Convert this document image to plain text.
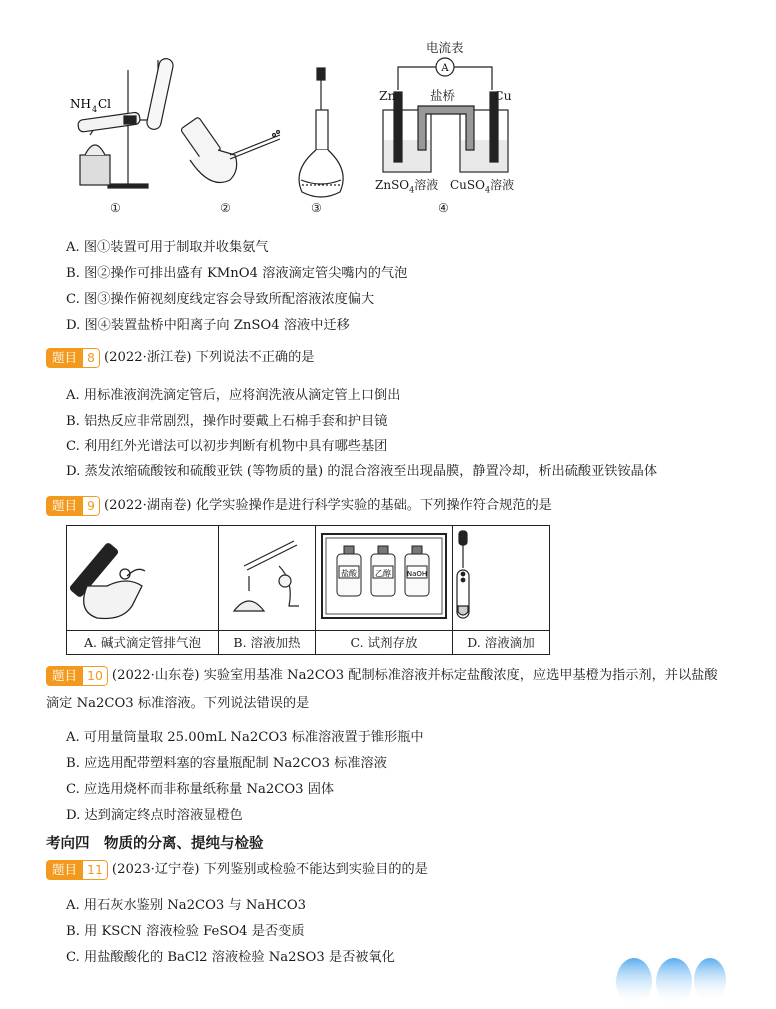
NH 4 Cl
A
电流表
Zn	Cu
盐桥
ZnSO$_4$溶液 CuSO$_4$溶液
①	②	③	④
A. 图①装置可用于制取并收集氨气
B. 图②操作可排出盛有 KMnO4 溶液滴定管尖嘴内的气泡
C. 图③操作俯视刻度线定容会导致所配溶液浓度偏大
D. 图④装置盐桥中阳离子向 ZnSO4 溶液中迁移
题目 8 (2022·浙江卷) 下列说法不正确的是
A. 用标准液润洗滴定管后，应将润洗液从滴定管上口倒出
B. 铝热反应非常剧烈，操作时要戴上石棉手套和护目镜
C. 利用红外光谱法可以初步判断有机物中具有哪些基团
D. 蒸发浓缩硫酸铵和硫酸亚铁 (等物质的量) 的混合溶液至出现晶膜，静置冷却，析出硫酸亚铁铵晶体
题目 9 (2022·湖南卷) 化学实验操作是进行科学实验的基础。下列操作符合规范的是
A. 碱式滴定管排气泡	B. 溶液加热

盐酸 乙醇 NaOH
C. 试剂存放	D. 溶液滴加
题目 10 (2022·山东卷) 实验室用基准 Na2CO3 配制标准溶液并标定盐酸浓度，应选甲基橙为指示剂，并以盐酸
滴定 Na2CO3 标准溶液。下列说法错误的是
A. 可用量筒量取 25.00mL Na2CO3 标准溶液置于锥形瓶中
B. 应选用配带塑料塞的容量瓶配制 Na2CO3 标准溶液
C. 应选用烧杯而非称量纸称量 Na2CO3 固体
D. 达到滴定终点时溶液显橙色
考向四　物质的分离、提纯与检验
题目 11 (2023·辽宁卷) 下列鉴别或检验不能达到实验目的的是
A. 用石灰水鉴别 Na2CO3 与 NaHCO3
B. 用 KSCN 溶液检验 FeSO4 是否变质
C. 用盐酸酸化的 BaCl2 溶液检验 Na2SO3 是否被氧化
